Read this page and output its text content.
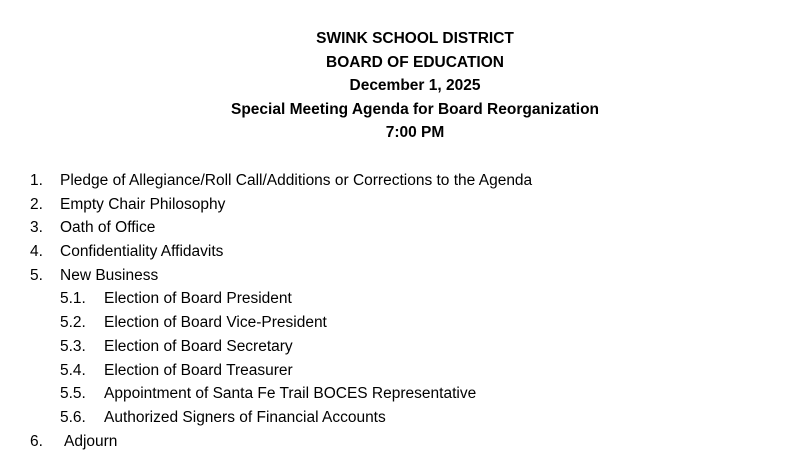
SWINK SCHOOL DISTRICT
BOARD OF EDUCATION
December 1, 2025
Special Meeting Agenda for Board Reorganization
7:00 PM
1. Pledge of Allegiance/Roll Call/Additions or Corrections to the Agenda
2. Empty Chair Philosophy
3. Oath of Office
4. Confidentiality Affidavits
5. New Business
5.1. Election of Board President
5.2. Election of Board Vice-President
5.3. Election of Board Secretary
5.4. Election of Board Treasurer
5.5. Appointment of Santa Fe Trail BOCES Representative
5.6. Authorized Signers of Financial Accounts
6. Adjourn
